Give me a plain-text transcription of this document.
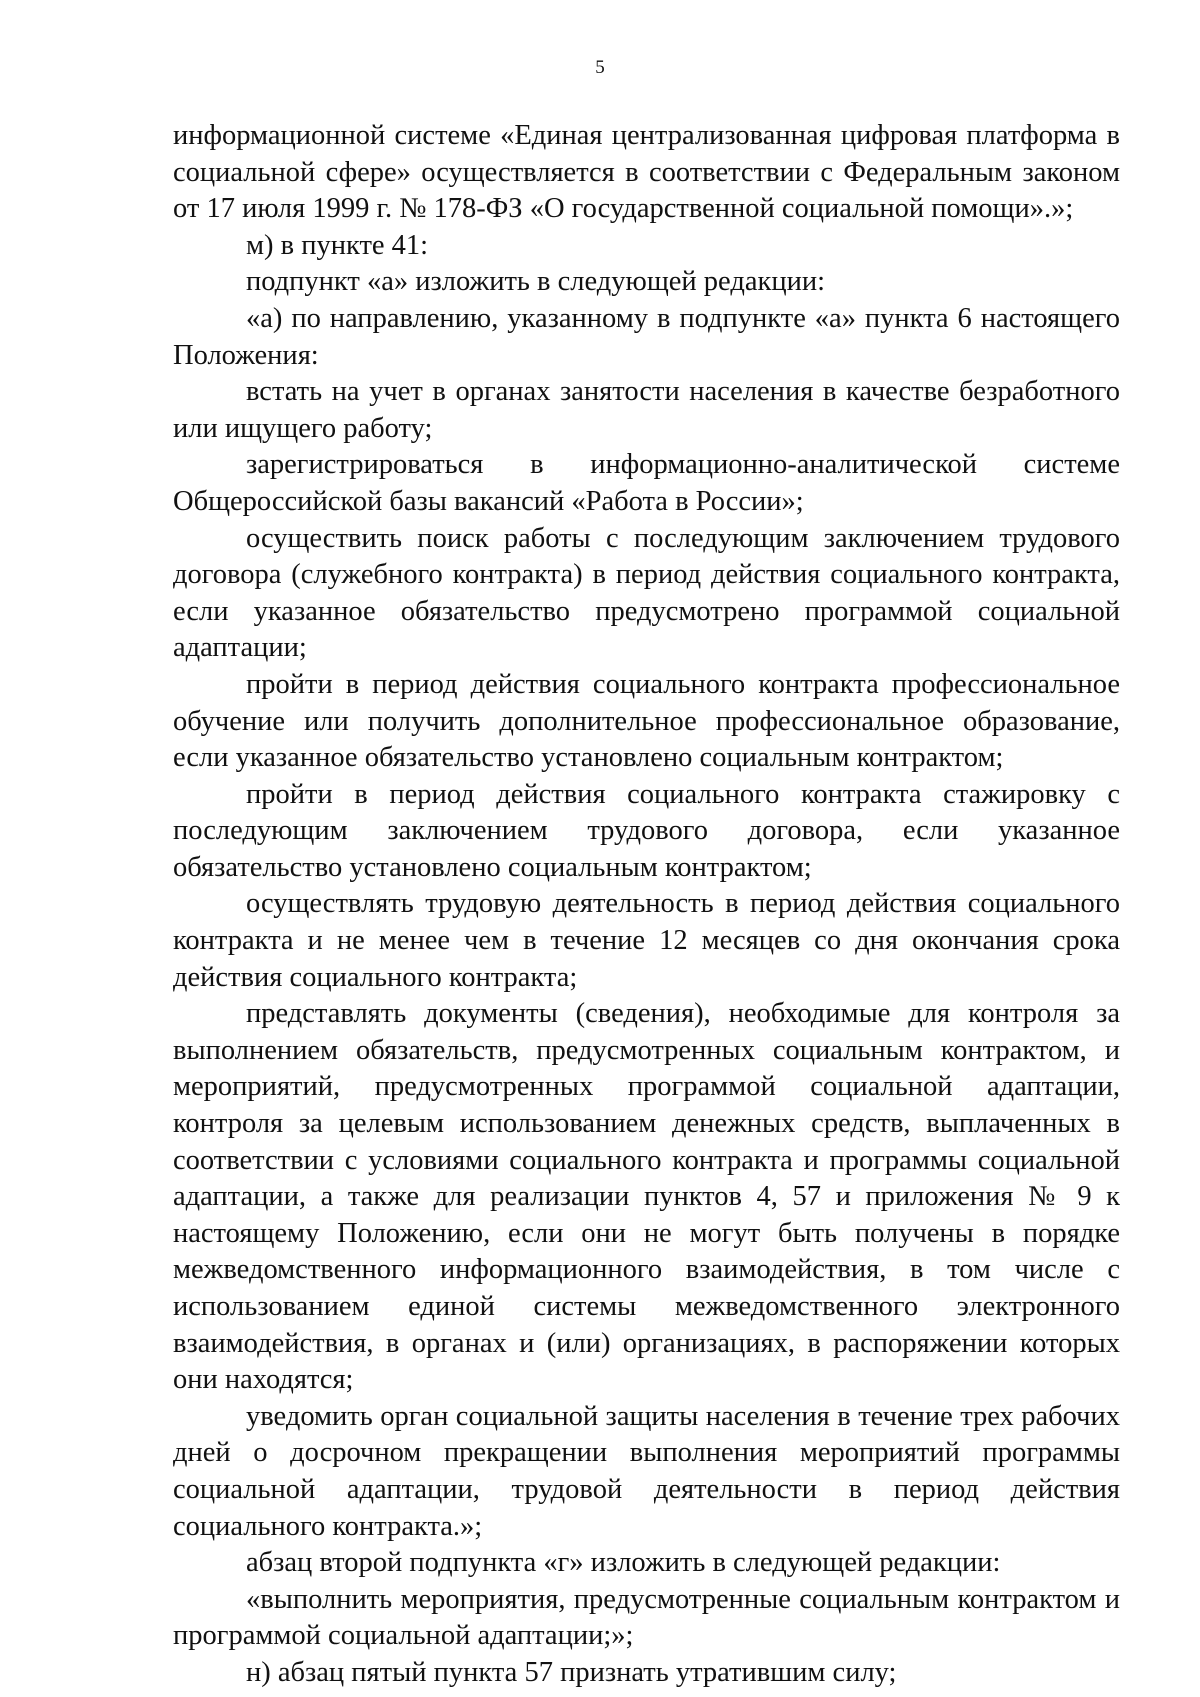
5

информационной системе «Единая централизованная цифровая платформа в социальной сфере» осуществляется в соответствии с Федеральным законом от 17 июля 1999 г. № 178-ФЗ «О государственной социальной помощи».»;

м) в пункте 41:

подпункт «а» изложить в следующей редакции:

«а) по направлению, указанному в подпункте «а» пункта 6 настоящего Положения:

встать на учет в органах занятости населения в качестве безработного или ищущего работу;

зарегистрироваться в информационно-аналитической системе Общероссийской базы вакансий «Работа в России»;

осуществить поиск работы с последующим заключением трудового договора (служебного контракта) в период действия социального контракта, если указанное обязательство предусмотрено программой социальной адаптации;

пройти в период действия социального контракта профессиональное обучение или получить дополнительное профессиональное образование, если указанное обязательство установлено социальным контрактом;

пройти в период действия социального контракта стажировку с последующим заключением трудового договора, если указанное обязательство установлено социальным контрактом;

осуществлять трудовую деятельность в период действия социального контракта и не менее чем в течение 12 месяцев со дня окончания срока действия социального контракта;

представлять документы (сведения), необходимые для контроля за выполнением обязательств, предусмотренных социальным контрактом, и мероприятий, предусмотренных программой социальной адаптации, контроля за целевым использованием денежных средств, выплаченных в соответствии с условиями социального контракта и программы социальной адаптации, а также для реализации пунктов 4, 57 и приложения № 9 к настоящему Положению, если они не могут быть получены в порядке межведомственного информационного взаимодействия, в том числе с использованием единой системы межведомственного электронного взаимодействия, в органах и (или) организациях, в распоряжении которых они находятся;

уведомить орган социальной защиты населения в течение трех рабочих дней о досрочном прекращении выполнения мероприятий программы социальной адаптации, трудовой деятельности в период действия социального контракта.»;

абзац второй подпункта «г» изложить в следующей редакции:

«выполнить мероприятия, предусмотренные социальным контрактом и программой социальной адаптации;»;

н) абзац пятый пункта 57 признать утратившим силу;
